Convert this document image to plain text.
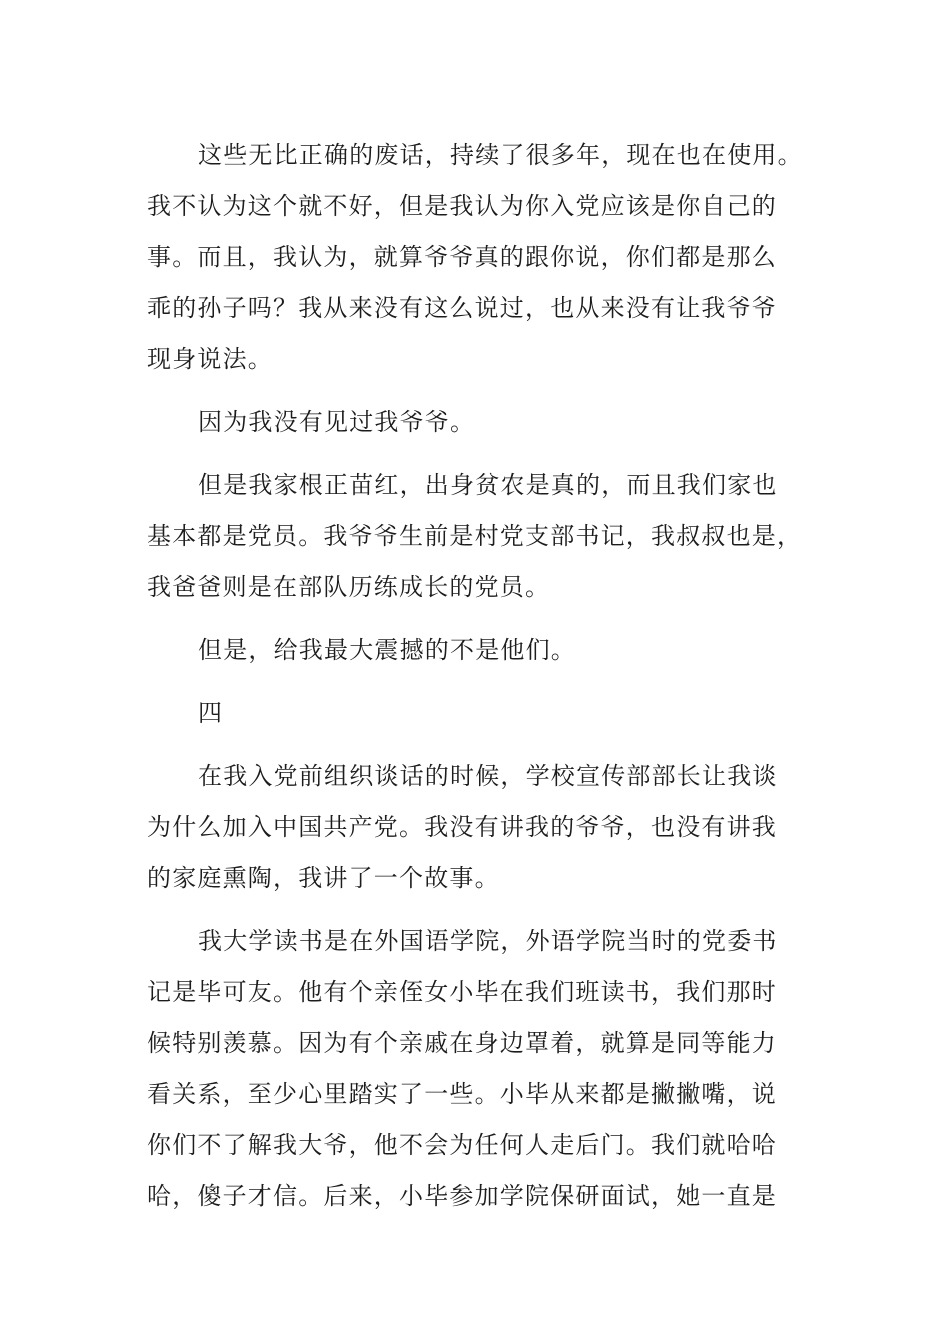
这些无比正确的废话，持续了很多年，现在也在使用。
我不认为这个就不好，但是我认为你入党应该是你自己的
事。而且，我认为，就算爷爷真的跟你说，你们都是那么
乖的孙子吗？我从来没有这么说过，也从来没有让我爷爷
现身说法。
因为我没有见过我爷爷。
但是我家根正苗红，出身贫农是真的，而且我们家也
基本都是党员。我爷爷生前是村党支部书记，我叔叔也是，
我爸爸则是在部队历练成长的党员。
但是，给我最大震撼的不是他们。
四
在我入党前组织谈话的时候，学校宣传部部长让我谈
为什么加入中国共产党。我没有讲我的爷爷，也没有讲我
的家庭熏陶，我讲了一个故事。
我大学读书是在外国语学院，外语学院当时的党委书
记是毕可友。他有个亲侄女小毕在我们班读书，我们那时
候特别羡慕。因为有个亲戚在身边罩着，就算是同等能力
看关系，至少心里踏实了一些。小毕从来都是撇撇嘴，说
你们不了解我大爷，他不会为任何人走后门。我们就哈哈
哈，傻子才信。后来，小毕参加学院保研面试，她一直是
